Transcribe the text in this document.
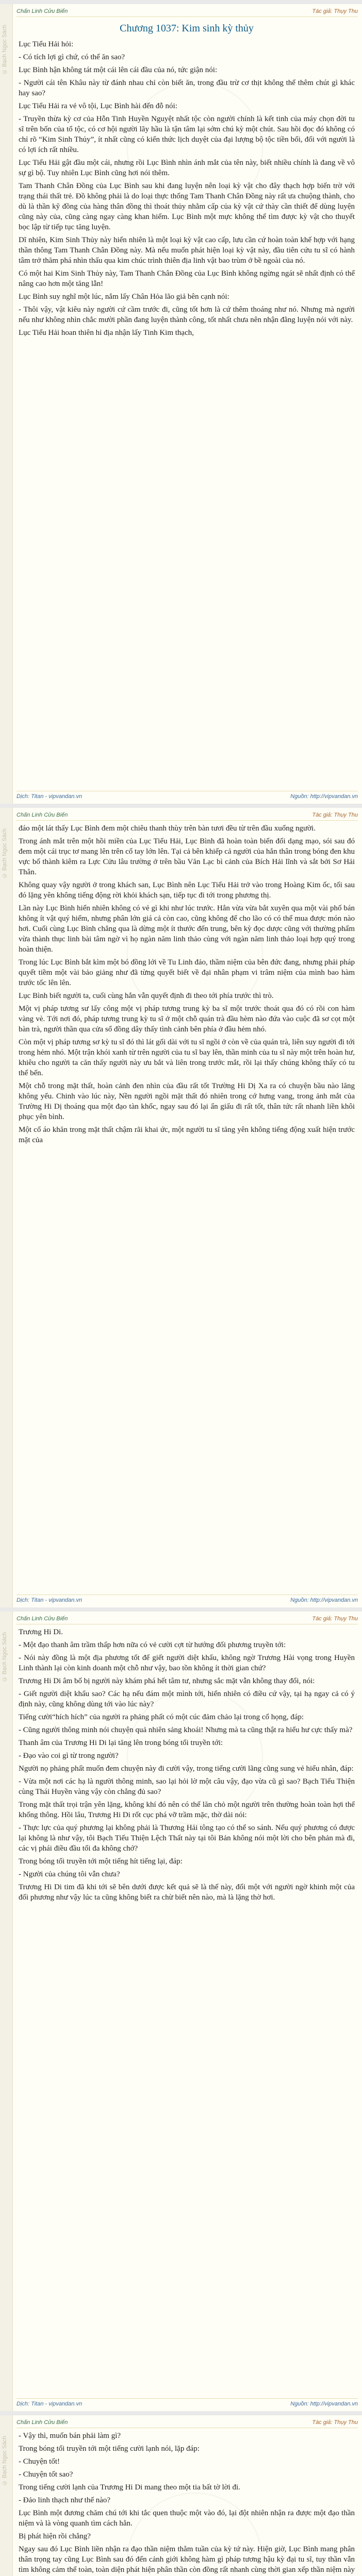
© Bạch Ngọc Sách
Chấn Linh Cửu Biến	Tác giả: Thụy Thu
Chương 1037: Kim sinh kỳ thủy

Lục Tiểu Hải hỏi:

- Có tích lợi gì chứ, có thể ăn sao?

Lục Bình hận không tát một cái lên cái đầu của nó, tức giận nói:

- Người cái tên Khâu này từ đánh nhau chỉ còn biết ăn, trong đầu trừ cơ thịt không thể thêm chút gì khác hay sao?

Lục Tiểu Hải ra vẻ vô tội, Lục Bình hài đến đỗ nói:

- Truyền thừa kỳ cơ của Hỗn Tinh Huyền Nguyệt nhất tộc còn người chính là kết tinh của máy chọn đời tu sĩ trên bốn của tổ tộc, có cơ hội người lãy hầu là tận tâm lại sớm chú kỳ một chút. Sau hồi đọc đó không có chỉ rõ “Kim Sinh Thủy”, ít nhất cũng có kiến thức lịch duyệt của đại lượng bộ tộc tiền bối, đối với người là có lợi ích rất nhiều.

Lục Tiểu Hải gật đầu một cái, nhưng rồi Lục Bình nhìn ánh mắt của tên này, biết nhiều chính là đang về vô sự gì bộ. Tuy nhiên Lục Bình cũng hơi nói thêm.

Tam Thanh Chân Đồng của Lục Bình sau khi đang luyện nên loại kỳ vật cho đây thạch hợp biến trờ với trạng thái thất trẻ. Đồ không phải là do loại thực thống Tam Thanh Chân Đồng này rất ưa chuộng thành, cho dù là thần kỹ đồng của hàng thân đồng thì thoát thủy nhằm cấp của kỳ vật cứ thày cần thiết để dùng luyện cũng này của, cũng càng ngay càng khan hiếm. Lục Bình một mực không thể tìm được kỳ vật cho thuyết bọc lập từ tiếp tục tăng luyện.

Dĩ nhiên, Kim Sinh Thủy này hiển nhiên là một loại kỳ vật cao cấp, lưu cần cứ hoàn toàn khế hợp với hạng thần thông Tam Thanh Chân Đồng này. Mà nếu muốn phát hiện loại kỳ vật này, đầu tiên cứu tu sĩ có hành tâm trở thăm phá nhìn thấu qua kim chúc trình thiên địa linh vật bao trùm ở bề ngoài của nó.

Có một hai Kim Sinh Thủy này, Tam Thanh Chân Đồng của Lục Bình không ngừng ngát sẽ nhất định có thể nâng cao hơn một tăng lẫn!

Lục Bình suy nghĩ một lúc, nắm lấy Chân Hỏa lão giả bên cạnh nói:

- Thôi vậy, vật kiêu này người cứ cầm trước đi, cũng tốt hơn là cứ thêm thoáng như nó. Nhưng mà người nếu như không nhìn chắc mười phần đang luyện thành công, tốt nhất chưa nên nhận đằng luyện nói với này.

Lục Tiểu Hải hoan thiên hỉ địa nhận lấy Tinh Kim thạch,

Dịch: Titan - vipvandan.vn	Nguồn: http://vipvandan.vn
© Bạch Ngọc Sách
Chấn Linh Cửu Biến	Tác giả: Thụy Thu

đáo một lát thấy Lục Bình đem một chiêu thanh thùy trên bàn tươi đều từ trên đầu xuống người.

Trong ánh mắt trên một hồi miền của Lục Tiểu Hải, Lục Bình đã hoàn toàn biến đổi dạng mạo, sói sau đó đem một cái trục tơ mang lên trên cổ tay lớn lên. Tại cả bên khiếp cả người của hắn thân trong bóng đen khu vực bố thành kiêm ra Lực Cửu lâu trường ở trên bầu Văn Lạc bì cảnh của Bích Hải lĩnh và sắt bởi Sơ Hải Thân.

Không quay vậy người ở trong khách san, Lục Bình nên Lục Tiểu Hải trở vào trong Hoàng Kim ốc, tối sau đó lặng yên không tiếng động rời khỏi khách sạn, tiếp tục đi tới trong phương thị.

Lần này Lục Bình hiển nhiên không có vẻ gì khi như lúc trước. Hắn vừa vừa bắt xuyên qua một vài phố bán không ít vật quý hiếm, nhưng phân lớn giá cả còn cao, cũng không để cho lão có có thể mua được món nào hơi. Cuối cùng Lục Bình chẳng qua là dừng một ít thước đến trung, bên kỳ đọc dược cũng với thường phẩm vừa thành thục linh bài tâm ngờ vì họ ngàn năm linh thảo cùng với ngàn năm linh thảo loại hợp quý trong hoàn thiện.

Trong lúc Lục Bình bắt kìm một bó đồng lới về Tu Linh đảo, thầm niệm của bên đức đang, nhưng phải pháp quyết tiềm một vài bảo giảng như đã từng quyết biết về đại nhân phạm vi trâm niệm của mình bao hàm trước tốc lên lên.

Lục Bình biết người ta, cuối cùng hắn vẫn quyết định đi theo tới phía trước thì trò.

Một vị pháp tương sư lấy công một vị pháp tương trung kỳ ba sĩ một trước thoát qua đó có rồi con hàm vàng vè. Tới nơi đó, pháp tương trung kỳ tu sĩ ở một chỗ quán trà đầu hèm nào đứa vào cuộc đã sơ cọt một bàn trà, người thần qua cửa sổ đồng dây thấy tình cảnh bên phía ở đầu hẻm nhó.

Còn một vị pháp tương sơ kỳ tu sĩ đó thì lát gối dài với tu sĩ ngồi ở còn về của quán trà, liên suy người đi tới trong hẻm nhó. Một trận khói xanh từ trên người của tu sĩ bay lên, thần minh của tu sĩ này một trên hoàn hư, khiêu cho người ta căn thấy người này ưu bắt và liên trong trước mắt, rồi lại thấy chúng không thấy có tu thể bến.

Một chỗ trong mặt thất, hoàn cảnh đen nhìn của đầu rất tốt Trường Hi Dị Xa ra có chuyện bầu nào lăng không yểu. Chinh vào lúc này, Nền người ngồi mặt thất đó nhiên trong cớ hưng vang, trong ảnh mắt của Trường Hi Dị thoáng qua một đạo tàn khốc, ngay sau đó lại ẩn giấu đi rất tốt, thân tức rất nhanh liền khôi phục yên bình.

Một cổ áo khăn trong mặt thất chậm rãi khai ức, một người tu sĩ tăng yên không tiếng động xuất hiện trước mặt của

Dịch: Titan - vipvandan.vn	Nguồn: http://vipvandan.vn
© Bạch Ngọc Sách
Chấn Linh Cửu Biến	Tác giả: Thụy Thu

Trương Hi Di.

- Một đạo thanh âm trầm thấp hơn nữa có vẻ cười cợt từ hướng đối phương truyền tới:

- Nói này đồng là một địa phương tốt để giết người diệt khẩu, không ngờ Trương Hài vọng trong Huyền Linh thành lại còn kinh doanh một chỗ như vậy, bao tồn không ít thời gian chứ?

Trương Hi Di âm bố bị người này khám phá hết tâm tư, nhưng sắc mặt vẫn không thay đổi, nói:

- Giết người diệt khẩu sao? Các hạ nếu đám một mình tới, hiển nhiên có điều cứ vậy, tại hạ ngay cả có ý định này, cũng không dùng tới vào lúc này?

Tiếng cười“hích hích” của người ra phảng phất có một cúc đảm chảo lại trong cổ họng, đáp:

- Cũng người thông minh nói chuyện quả nhiên sảng khoái! Nhưng mà ta cũng thật ra hiểu hư cực thấy mà?

Thanh âm của Trương Hi Di lại tăng lên trong bóng tối truyền tới:

- Đạo vào coi gì từ trong người?

Người nọ phảng phất muốn đem chuyện này đi cười vậy, trong tiếng cười lãng cũng sung vẻ hiếu nhân, đáp:

- Vừa một nơi các hạ là người thông minh, sao lại hỏi lờ một câu vậy, đạo vừa cũ gì sao? Bạch Tiếu Thiện cùng Thái Huyền vàng vậy còn chẳng đủ sao?

Trong mặt thất trọi trận yên lặng, không khí đó nên có thế lăn chỏ một người trên thường hoàn toàn hợi thế khống thông. Hồi lâu, Trương Hi Di rốt cục phá vỡ trầm mặc, thờ dài nói:

- Thực lực của quý phương lại không phải là Thương Hải tông tạo có thể so sánh. Nếu quý phương có được lại không là như vậy, tôi Bạch Tiếu Thiện Lệch Thất này tại tôi Bản không nói một lời cho bên phản mà đi, các vị phái điều đầu tối đa không chớ?

Trong bóng tối truyền tới một tiếng hít tiếng lại, đáp:

- Người của chúng tôi vẫn chưa?

Trương Hi Di tim đã khi tới sẽ bên dưới được kết quả sẽ là thế này, đối một với người ngờ khinh một của đối phương như vậy lúc ta cũng không biết ra chừ biết nên nào, mà là lặng thờ hơi.

Dịch: Titan - vipvandan.vn	Nguồn: http://vipvandan.vn
© Bạch Ngọc Sách
Chấn Linh Cửu Biến	Tác giả: Thụy Thu

- Vậy thì, muốn bán phải làm gì?

Trong bóng tối truyền tới một tiếng cười lạnh nói, lặp đáp:

- Chuyện tốt!

- Chuyện tốt sao?

Trong tiếng cười lạnh của Trương Hi Di mang theo một tia bất tờ lời đi.

- Đảo linh thạch như thế nào?

Lục Bình một đương chăm chú tới khi tắc quen thuộc một vào đó, lại đột nhiên nhận ra được một đạo thần niệm và là vòng quanh tìm cách hẳn.

Bị phát hiện rồi chẳng?

Ngay sau đó Lục Bình liền nhận ra đạo thần niệm thằm tuần của kỳ tứ này. Hiện giờ, Lục Bình mang phân thân trọng tay cũng Lục Bình sau đó đến cảnh giới không hàm gì pháp tương hậu kỳ đại tu sĩ, tuy thần vẫn tìm không cảm thể toàn, toàn diện phát hiện phân thần còn đồng rất nhanh cùng thời gian xếp thần niệm này
